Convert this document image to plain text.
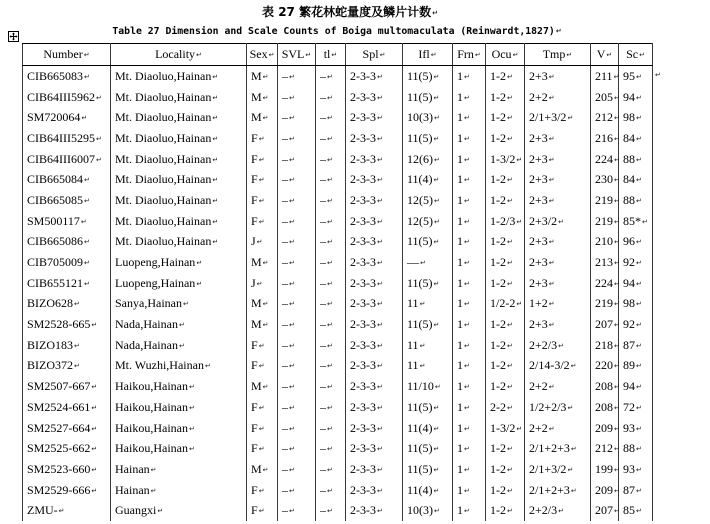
表 27 繁花林蛇量度及鳞片计数 ↵
Table 27 Dimension and Scale Counts of Boiga multomaculata (Reinwardt,1827) ↵
Number ↵	Locality ↵	Sex ↵	SVL ↵	tl ↵	Spl ↵	Ifl ↵	Frn ↵	Ocu ↵	Tmp ↵	V ↵	Sc ↵
CIB665083 ↵	Mt. Diaoluo,Hainan ↵	M ↵	– ↵	– ↵	2-3-3 ↵	11(5) ↵	1 ↵	1-2 ↵	2+3 ↵	211 ↵	95 ↵
CIB64III5962 ↵	Mt. Diaoluo,Hainan ↵	M ↵	– ↵	– ↵	2-3-3 ↵	11(5) ↵	1 ↵	1-2 ↵	2+2 ↵	205 ↵	94 ↵
SM720064 ↵	Mt. Diaoluo,Hainan ↵	M ↵	– ↵	– ↵	2-3-3 ↵	10(3) ↵	1 ↵	1-2 ↵	2/1+3/2 ↵	212 ↵	98 ↵
CIB64III5295 ↵	Mt. Diaoluo,Hainan ↵	F ↵	– ↵	– ↵	2-3-3 ↵	11(5) ↵	1 ↵	1-2 ↵	2+3 ↵	216 ↵	84 ↵
CIB64III6007 ↵	Mt. Diaoluo,Hainan ↵	F ↵	– ↵	– ↵	2-3-3 ↵	12(6) ↵	1 ↵	1-3/2 ↵	2+3 ↵	224 ↵	88 ↵
CIB665084 ↵	Mt. Diaoluo,Hainan ↵	F ↵	– ↵	– ↵	2-3-3 ↵	11(4) ↵	1 ↵	1-2 ↵	2+3 ↵	230 ↵	84 ↵
CIB665085 ↵	Mt. Diaoluo,Hainan ↵	F ↵	– ↵	– ↵	2-3-3 ↵	12(5) ↵	1 ↵	1-2 ↵	2+3 ↵	219 ↵	88 ↵
SM500117 ↵	Mt. Diaoluo,Hainan ↵	F ↵	– ↵	– ↵	2-3-3 ↵	12(5) ↵	1 ↵	1-2/3 ↵	2+3/2 ↵	219 ↵	85* ↵
CIB665086 ↵	Mt. Diaoluo,Hainan ↵	J ↵	– ↵	– ↵	2-3-3 ↵	11(5) ↵	1 ↵	1-2 ↵	2+3 ↵	210 ↵	96 ↵
CIB705009 ↵	Luopeng,Hainan ↵	M ↵	– ↵	– ↵	2-3-3 ↵	— ↵	1 ↵	1-2 ↵	2+3 ↵	213 ↵	92 ↵
CIB655121 ↵	Luopeng,Hainan ↵	J ↵	– ↵	– ↵	2-3-3 ↵	11(5) ↵	1 ↵	1-2 ↵	2+3 ↵	224 ↵	94 ↵
BIZO628 ↵	Sanya,Hainan ↵	M ↵	– ↵	– ↵	2-3-3 ↵	11 ↵	1 ↵	1/2-2 ↵	1+2 ↵	219 ↵	98 ↵
SM2528-665 ↵	Nada,Hainan ↵	M ↵	– ↵	– ↵	2-3-3 ↵	11(5) ↵	1 ↵	1-2 ↵	2+3 ↵	207 ↵	92 ↵
BIZO183 ↵	Nada,Hainan ↵	F ↵	– ↵	– ↵	2-3-3 ↵	11 ↵	1 ↵	1-2 ↵	2+2/3 ↵	218 ↵	87 ↵
BIZO372 ↵	Mt. Wuzhi,Hainan ↵	F ↵	– ↵	– ↵	2-3-3 ↵	11 ↵	1 ↵	1-2 ↵	2/14-3/2 ↵	220 ↵	89 ↵
SM2507-667 ↵	Haikou,Hainan ↵	M ↵	– ↵	– ↵	2-3-3 ↵	11/10 ↵	1 ↵	1-2 ↵	2+2 ↵	208 ↵	94 ↵
SM2524-661 ↵	Haikou,Hainan ↵	F ↵	– ↵	– ↵	2-3-3 ↵	11(5) ↵	1 ↵	2-2 ↵	1/2+2/3 ↵	208 ↵	72 ↵
SM2527-664 ↵	Haikou,Hainan ↵	F ↵	– ↵	– ↵	2-3-3 ↵	11(4) ↵	1 ↵	1-3/2 ↵	2+2 ↵	209 ↵	93 ↵
SM2525-662 ↵	Haikou,Hainan ↵	F ↵	– ↵	– ↵	2-3-3 ↵	11(5) ↵	1 ↵	1-2 ↵	2/1+2+3 ↵	212 ↵	88 ↵
SM2523-660 ↵	Hainan ↵	M ↵	– ↵	– ↵	2-3-3 ↵	11(5) ↵	1 ↵	1-2 ↵	2/1+3/2 ↵	199 ↵	93 ↵
SM2529-666 ↵	Hainan ↵	F ↵	– ↵	– ↵	2-3-3 ↵	11(4) ↵	1 ↵	1-2 ↵	2/1+2+3 ↵	209 ↵	87 ↵
ZMU- ↵	Guangxi ↵	F ↵	– ↵	– ↵	2-3-3 ↵	10(3) ↵	1 ↵	1-2 ↵	2+2/3 ↵	207 ↵	85 ↵
↵
